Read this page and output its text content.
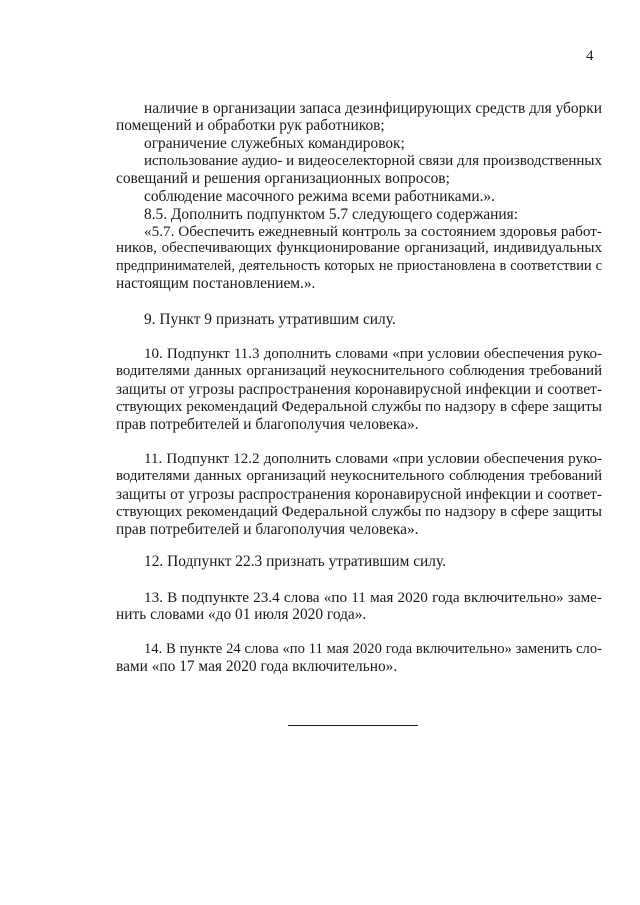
4
наличие в организации запаса дезинфицирующих средств для уборки
помещений и обработки рук работников;
ограничение служебных командировок;
использование аудио- и видеоселекторной связи для производственных
совещаний и решения организационных вопросов;
соблюдение масочного режима всеми работниками.».
8.5. Дополнить подпунктом 5.7 следующего содержания:
«5.7. Обеспечить ежедневный контроль за состоянием здоровья работ-
ников, обеспечивающих функционирование организаций, индивидуальных
предпринимателей, деятельность которых не приостановлена в соответствии с
настоящим постановлением.».
9. Пункт 9 признать утратившим силу.
10. Подпункт 11.3 дополнить словами «при условии обеспечения руко-
водителями данных организаций неукоснительного соблюдения требований
защиты от угрозы распространения коронавирусной инфекции и соответ-
ствующих рекомендаций Федеральной службы по надзору в сфере защиты
прав потребителей и благополучия человека».
11. Подпункт 12.2 дополнить словами «при условии обеспечения руко-
водителями данных организаций неукоснительного соблюдения требований
защиты от угрозы распространения коронавирусной инфекции и соответ-
ствующих рекомендаций Федеральной службы по надзору в сфере защиты
прав потребителей и благополучия человека».
12. Подпункт 22.3 признать утратившим силу.
13. В подпункте 23.4 слова «по 11 мая 2020 года включительно» заме-
нить словами «до 01 июля 2020 года».
14. В пункте 24 слова «по 11 мая 2020 года включительно» заменить сло-
вами «по 17 мая 2020 года включительно».
